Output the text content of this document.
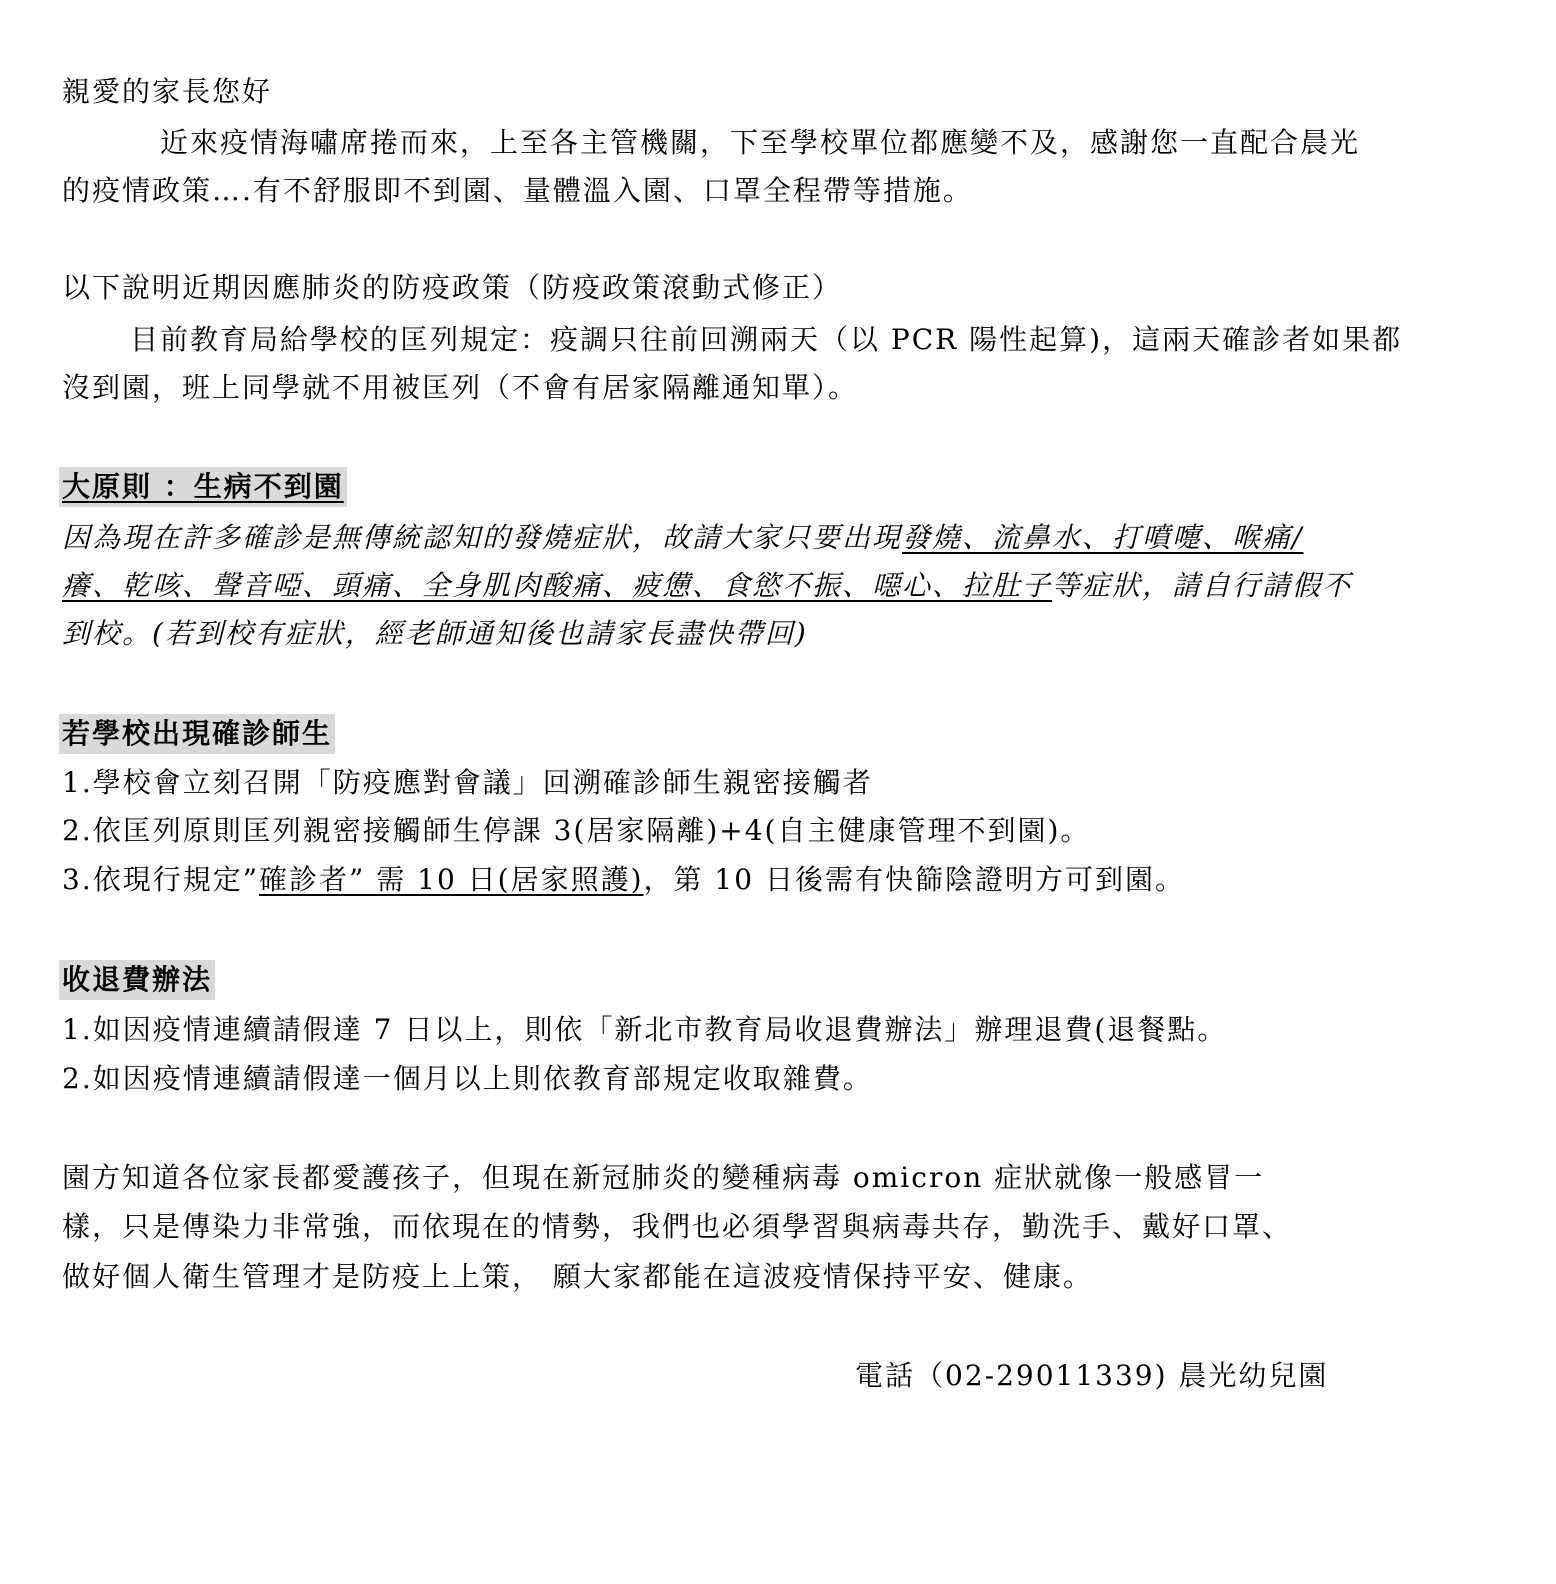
親愛的家長您好

近來疫情海嘯席捲而來，上至各主管機關，下至學校單位都應變不及，感謝您一直配合晨光

的疫情政策….有不舒服即不到園、量體溫入園、口罩全程帶等措施。

以下說明近期因應肺炎的防疫政策（防疫政策滾動式修正）

目前教育局給學校的匡列規定：疫調只往前回溯兩天（以 PCR 陽性起算)，這兩天確診者如果都

沒到園，班上同學就不用被匡列（不會有居家隔離通知單）。

大原則 ：生病不到園

因為現在許多確診是無傳統認知的發燒症狀，故請大家只要出現發燒、流鼻水、打噴嚏、喉痛/

癢、乾咳、聲音啞、頭痛、全身肌肉酸痛、疲憊、食慾不振、噁心、拉肚子等症狀，請自行請假不

到校。(若到校有症狀，經老師通知後也請家長盡快帶回)

若學校出現確診師生

1.學校會立刻召開「防疫應對會議」回溯確診師生親密接觸者

2.依匡列原則匡列親密接觸師生停課 3(居家隔離)+4(自主健康管理不到園)。

3.依現行規定”確診者” 需 10 日(居家照護)，第 10 日後需有快篩陰證明方可到園。

收退費辦法

1.如因疫情連續請假達 7 日以上，則依「新北市教育局收退費辦法」辦理退費(退餐點。

2.如因疫情連續請假達一個月以上則依教育部規定收取雜費。

園方知道各位家長都愛護孩子，但現在新冠肺炎的變種病毒 omicron 症狀就像一般感冒一

樣，只是傳染力非常強，而依現在的情勢，我們也必須學習與病毒共存，勤洗手、戴好口罩、

做好個人衛生管理才是防疫上上策， 願大家都能在這波疫情保持平安、健康。

電話（02-29011339) 晨光幼兒園
